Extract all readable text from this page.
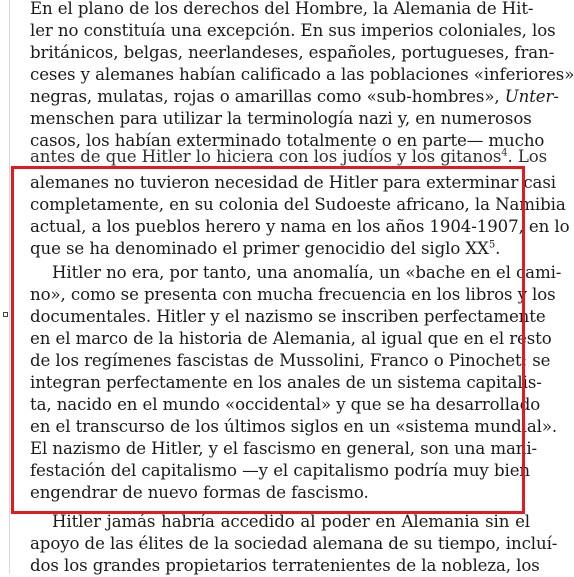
En el plano de los derechos del Hombre, la Alemania de Hit-
ler no constituía una excepción. En sus imperios coloniales, los
británicos, belgas, neerlandeses, españoles, portugueses, fran-
ceses y alemanes habían calificado a las poblaciones «inferiores»
negras, mulatas, rojas o amarillas como «sub-hombres», Unter-
menschen para utilizar la terminología nazi y, en numerosos
casos, los habían exterminado totalmente o en parte— mucho
antes de que Hitler lo hiciera con los judíos y los gitanos$^4$. Los
alemanes no tuvieron necesidad de Hitler para exterminar casi
completamente, en su colonia del Sudoeste africano, la Namibia
actual, a los pueblos herero y nama en los años 1904-1907, en lo
que se ha denominado el primer genocidio del siglo $XX^5$.
Hitler no era, por tanto, una anomalía, un «bache en el cami-
no», como se presenta con mucha frecuencia en los libros y los
documentales. Hitler y el nazismo se inscriben perfectamente
en el marco de la historia de Alemania, al igual que en el resto
de los regímenes fascistas de Mussolini, Franco o Pinochet: se
integran perfectamente en los anales de un sistema capitalis-
ta, nacido en el mundo «occidental» y que se ha desarrollado
en el transcurso de los últimos siglos en un «sistema mundial».
El nazismo de Hitler, y el fascismo en general, son una mani-
festación del capitalismo —y el capitalismo podría muy bien
engendrar de nuevo formas de fascismo.
Hitler jamás habría accedido al poder en Alemania sin el
apoyo de las élites de la sociedad alemana de su tiempo, incluí-
dos los grandes propietarios terratenientes de la nobleza, los
